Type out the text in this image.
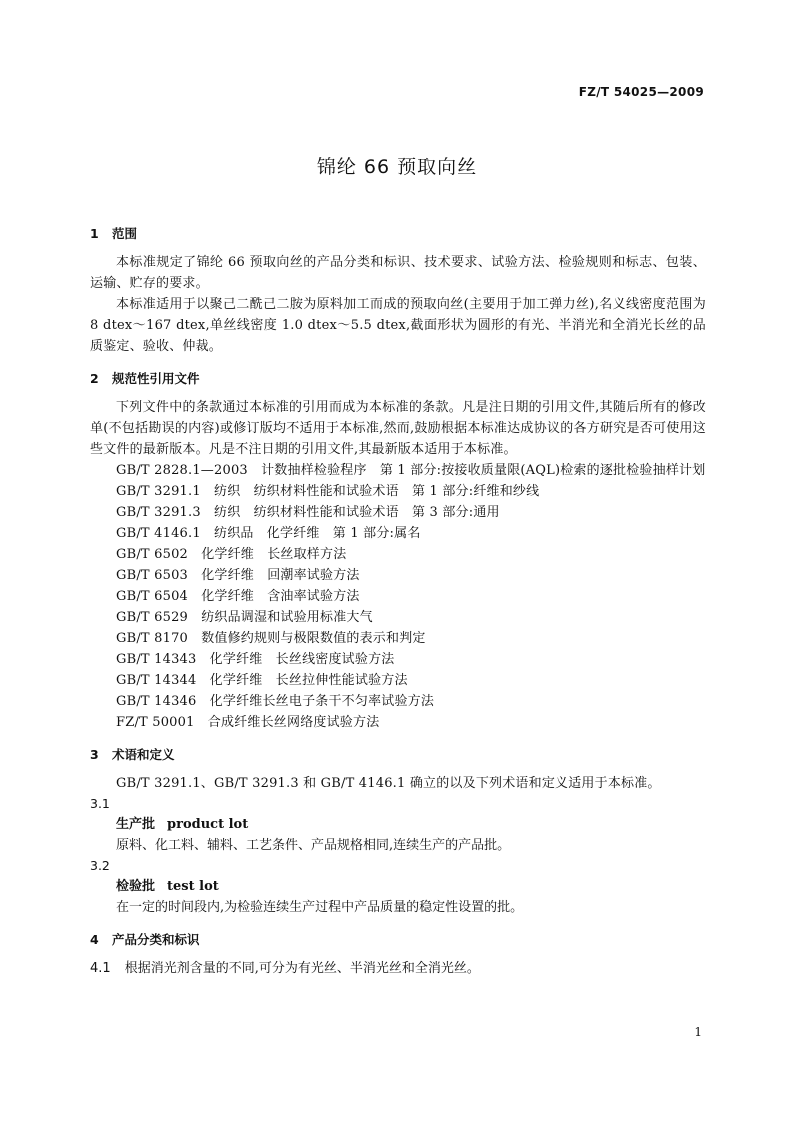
FZ/T 54025—2009
锦纶 66 预取向丝

1 范围

本标准规定了锦纶 66 预取向丝的产品分类和标识、技术要求、试验方法、检验规则和标志、包装、运输、贮存的要求。

本标准适用于以聚己二酰己二胺为原料加工而成的预取向丝(主要用于加工弹力丝),名义线密度范围为 8 dtex～167 dtex,单丝线密度 1.0 dtex～5.5 dtex,截面形状为圆形的有光、半消光和全消光长丝的品质鉴定、验收、仲裁。

2 规范性引用文件

下列文件中的条款通过本标准的引用而成为本标准的条款。凡是注日期的引用文件,其随后所有的修改单(不包括勘误的内容)或修订版均不适用于本标准,然而,鼓励根据本标准达成协议的各方研究是否可使用这些文件的最新版本。凡是不注日期的引用文件,其最新版本适用于本标准。

GB/T 2828.1—2003　计数抽样检验程序　第 1 部分:按接收质量限(AQL)检索的逐批检验抽样计划

GB/T 3291.1　纺织　纺织材料性能和试验术语　第 1 部分:纤维和纱线

GB/T 3291.3　纺织　纺织材料性能和试验术语　第 3 部分:通用

GB/T 4146.1　纺织品　化学纤维　第 1 部分:属名

GB/T 6502　化学纤维　长丝取样方法

GB/T 6503　化学纤维　回潮率试验方法

GB/T 6504　化学纤维　含油率试验方法

GB/T 6529　纺织品调湿和试验用标准大气

GB/T 8170　数值修约规则与极限数值的表示和判定

GB/T 14343　化学纤维　长丝线密度试验方法

GB/T 14344　化学纤维　长丝拉伸性能试验方法

GB/T 14346　化学纤维长丝电子条干不匀率试验方法

FZ/T 50001　合成纤维长丝网络度试验方法

3 术语和定义

GB/T 3291.1、GB/T 3291.3 和 GB/T 4146.1 确立的以及下列术语和定义适用于本标准。

3.1

生产批 product lot

原料、化工料、辅料、工艺条件、产品规格相同,连续生产的产品批。

3.2

检验批 test lot

在一定的时间段内,为检验连续生产过程中产品质量的稳定性设置的批。

4 产品分类和标识

4.1 根据消光剂含量的不同,可分为有光丝、半消光丝和全消光丝。

1
